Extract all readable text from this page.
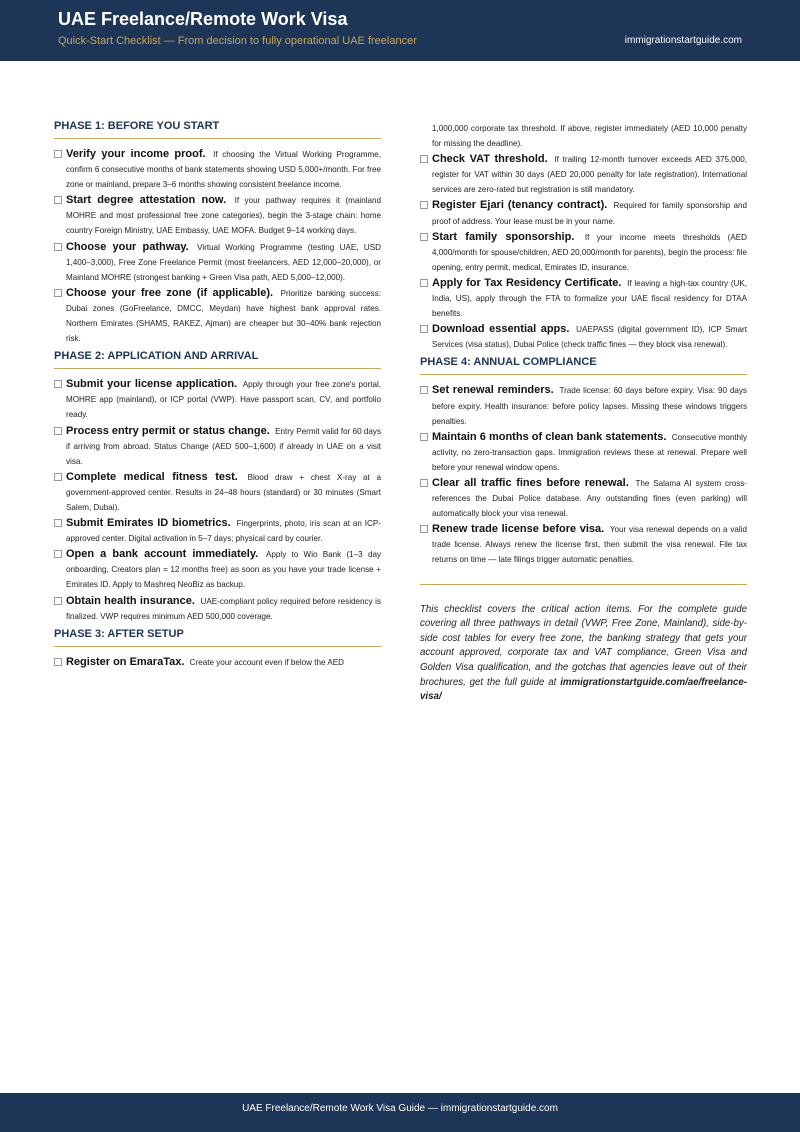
UAE Freelance/Remote Work Visa
Quick-Start Checklist — From decision to fully operational UAE freelancer	immigrationstartguide.com
PHASE 1: BEFORE YOU START
Verify your income proof. If choosing the Virtual Working Programme, confirm 6 consecutive months of bank statements showing USD 5,000+/month. For free zone or mainland, prepare 3–6 months showing consistent freelance income.
Start degree attestation now. If your pathway requires it (mainland MOHRE and most professional free zone categories), begin the 3-stage chain: home country Foreign Ministry, UAE Embassy, UAE MOFA. Budget 9–14 working days.
Choose your pathway. Virtual Working Programme (testing UAE, USD 1,400–3,000), Free Zone Freelance Permit (most freelancers, AED 12,000–20,000), or Mainland MOHRE (strongest banking + Green Visa path, AED 5,000–12,000).
Choose your free zone (if applicable). Prioritize banking success: Dubai zones (GoFreelance, DMCC, Meydan) have highest bank approval rates. Northern Emirates (SHAMS, RAKEZ, Ajman) are cheaper but 30–40% bank rejection risk.
PHASE 2: APPLICATION AND ARRIVAL
Submit your license application. Apply through your free zone's portal, MOHRE app (mainland), or ICP portal (VWP). Have passport scan, CV, and portfolio ready.
Process entry permit or status change. Entry Permit valid for 60 days if arriving from abroad. Status Change (AED 500–1,600) if already in UAE on a visit visa.
Complete medical fitness test. Blood draw + chest X-ray at a government-approved center. Results in 24–48 hours (standard) or 30 minutes (Smart Salem, Dubai).
Submit Emirates ID biometrics. Fingerprints, photo, iris scan at an ICP-approved center. Digital activation in 5–7 days; physical card by courier.
Open a bank account immediately. Apply to Wio Bank (1–3 day onboarding, Creators plan = 12 months free) as soon as you have your trade license + Emirates ID. Apply to Mashreq NeoBiz as backup.
Obtain health insurance. UAE-compliant policy required before residency is finalized. VWP requires minimum AED 500,000 coverage.
PHASE 3: AFTER SETUP
Register on EmaraTax. Create your account even if below the AED
1,000,000 corporate tax threshold. If above, register immediately (AED 10,000 penalty for missing the deadline).
Check VAT threshold. If trailing 12-month turnover exceeds AED 375,000, register for VAT within 30 days (AED 20,000 penalty for late registration). International services are zero-rated but registration is still mandatory.
Register Ejari (tenancy contract). Required for family sponsorship and proof of address. Your lease must be in your name.
Start family sponsorship. If your income meets thresholds (AED 4,000/month for spouse/children, AED 20,000/month for parents), begin the process: file opening, entry permit, medical, Emirates ID, insurance.
Apply for Tax Residency Certificate. If leaving a high-tax country (UK, India, US), apply through the FTA to formalize your UAE fiscal residency for DTAA benefits.
Download essential apps. UAEPASS (digital government ID), ICP Smart Services (visa status), Dubai Police (check traffic fines — they block visa renewal).
PHASE 4: ANNUAL COMPLIANCE
Set renewal reminders. Trade license: 60 days before expiry. Visa: 90 days before expiry. Health insurance: before policy lapses. Missing these windows triggers penalties.
Maintain 6 months of clean bank statements. Consecutive monthly activity, no zero-transaction gaps. Immigration reviews these at renewal. Prepare well before your renewal window opens.
Clear all traffic fines before renewal. The Salama AI system cross-references the Dubai Police database. Any outstanding fines (even parking) will automatically block your visa renewal.
Renew trade license before visa. Your visa renewal depends on a valid trade license. Always renew the license first, then submit the visa renewal. File tax returns on time — late filings trigger automatic penalties.
This checklist covers the critical action items. For the complete guide covering all three pathways in detail (VWP, Free Zone, Mainland), side-by-side cost tables for every free zone, the banking strategy that gets your account approved, corporate tax and VAT compliance, Green Visa and Golden Visa qualification, and the gotchas that agencies leave out of their brochures, get the full guide at immigrationstartguide.com/ae/freelance-visa/
UAE Freelance/Remote Work Visa Guide — immigrationstartguide.com
